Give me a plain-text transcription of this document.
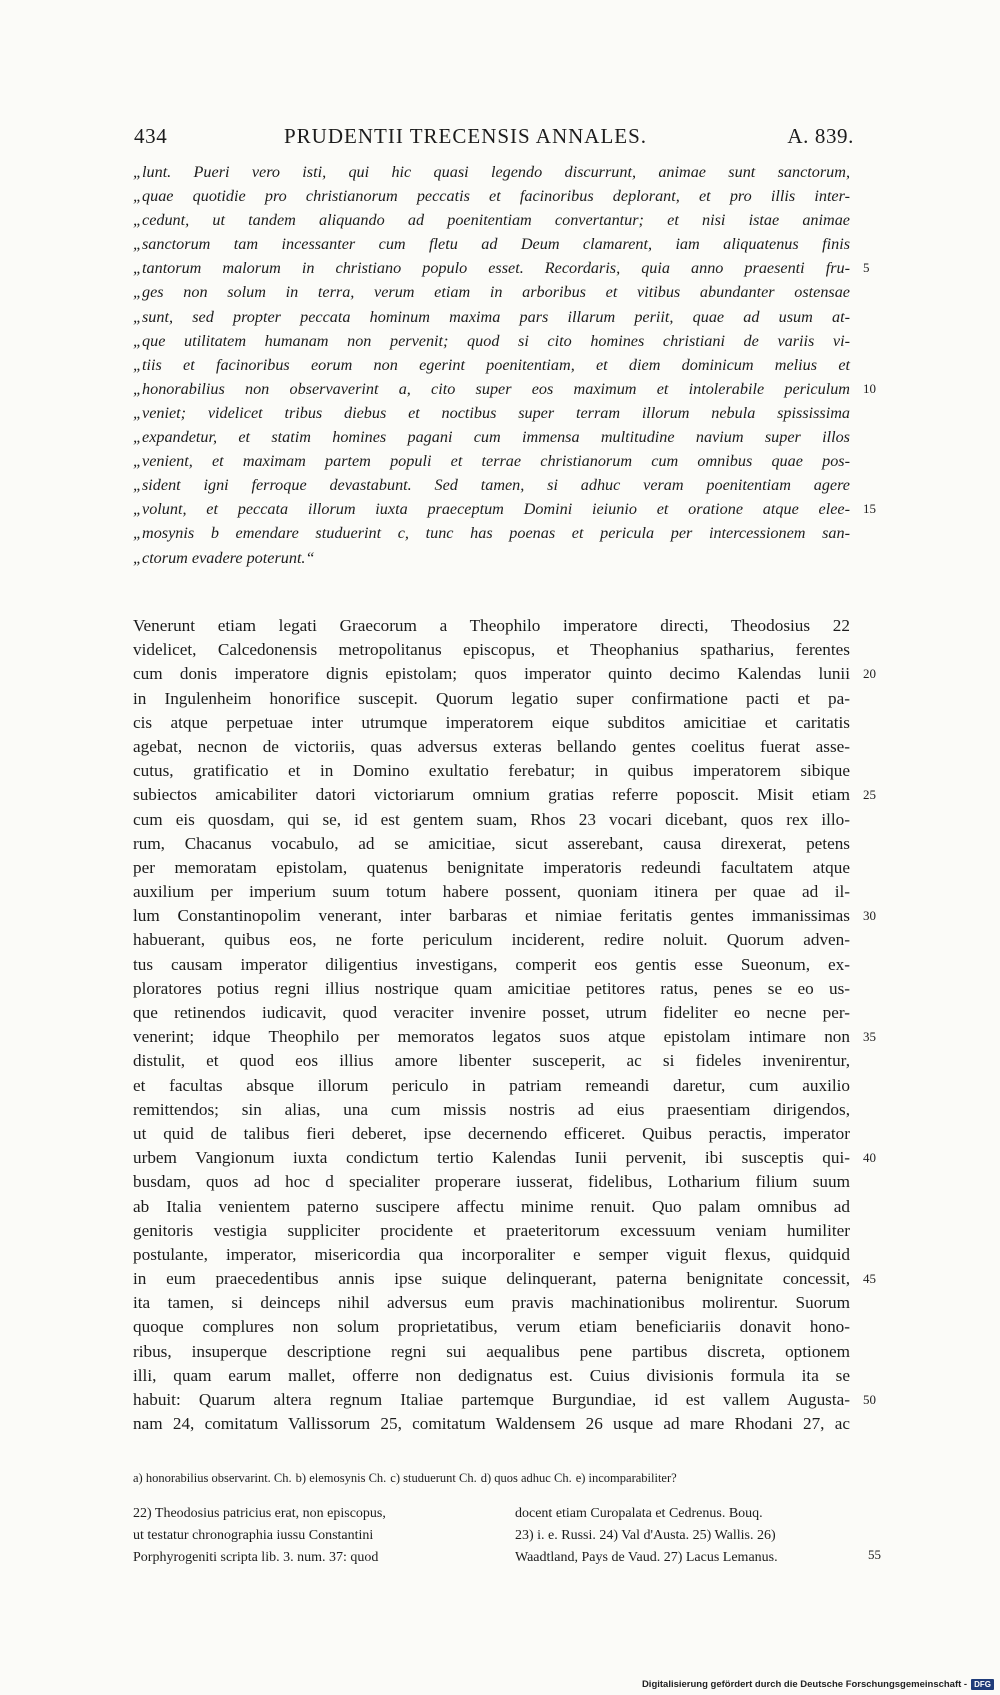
434	PRUDENTII TRECENSIS ANNALES.	A. 839.
„lunt. Pueri vero isti, qui hic quasi legendo discurrunt, animae sunt sanctorum,
„quae quotidie pro christianorum peccatis et facinoribus deplorant, et pro illis inter-
„cedunt, ut tandem aliquando ad poenitentiam convertantur; et nisi istae animae
„sanctorum tam incessanter cum fletu ad Deum clamarent, iam aliquatenus finis
„tantorum malorum in christiano populo esset. Recordaris, quia anno praesenti fru- 5
„ges non solum in terra, verum etiam in arboribus et vitibus abundanter ostensae
„sunt, sed propter peccata hominum maxima pars illarum periit, quae ad usum at-
„que utilitatem humanam non pervenit; quod si cito homines christiani de variis vi-
„tiis et facinoribus eorum non egerint poenitentiam, et diem dominicum melius et
„honorabilius non observaverint a, cito super eos maximum et intolerabile periculum 10
„veniet; videlicet tribus diebus et noctibus super terram illorum nebula spississima
„expandetur, et statim homines pagani cum immensa multitudine navium super illos
„venient, et maximam partem populi et terrae christianorum cum omnibus quae pos-
„sident igni ferroque devastabunt. Sed tamen, si adhuc veram poenitentiam agere
„volunt, et peccata illorum iuxta praeceptum Domini ieiunio et oratione atque elee- 15
„mosynis b emendare studuerint c, tunc has poenas et pericula per intercessionem san-
„ctorum evadere poterunt.“
Venerunt etiam legati Graecorum a Theophilo imperatore directi, Theodosius 22
videlicet, Calcedonensis metropolitanus episcopus, et Theophanius spatharius, ferentes
cum donis imperatore dignis epistolam; quos imperator quinto decimo Kalendas lunii 20
in Ingulenheim honorifice suscepit. Quorum legatio super confirmatione pacti et pa-
cis atque perpetuae inter utrumque imperatorem eique subditos amicitiae et caritatis
agebat, necnon de victoriis, quas adversus exteras bellando gentes coelitus fuerat asse-
cutus, gratificatio et in Domino exultatio ferebatur; in quibus imperatorem sibique
subiectos amicabiliter datori victoriarum omnium gratias referre poposcit. Misit etiam 25
cum eis quosdam, qui se, id est gentem suam, Rhos 23 vocari dicebant, quos rex illo-
rum, Chacanus vocabulo, ad se amicitiae, sicut asserebant, causa direxerat, petens
per memoratam epistolam, quatenus benignitate imperatoris redeundi facultatem atque
auxilium per imperium suum totum habere possent, quoniam itinera per quae ad il-
lum Constantinopolim venerant, inter barbaras et nimiae feritatis gentes immanissimas 30
habuerant, quibus eos, ne forte periculum inciderent, redire noluit. Quorum adven-
tus causam imperator diligentius investigans, comperit eos gentis esse Sueonum, ex-
ploratores potius regni illius nostrique quam amicitiae petitores ratus, penes se eo us-
que retinendos iudicavit, quod veraciter invenire posset, utrum fideliter eo necne per-
venerint; idque Theophilo per memoratos legatos suos atque epistolam intimare non 35
distulit, et quod eos illius amore libenter susceperit, ac si fideles invenirentur,
et facultas absque illorum periculo in patriam remeandi daretur, cum auxilio
remittendos; sin alias, una cum missis nostris ad eius praesentiam dirigendos,
ut quid de talibus fieri deberet, ipse decernendo efficeret. Quibus peractis, imperator
urbem Vangionum iuxta condictum tertio Kalendas Iunii pervenit, ibi susceptis qui- 40
busdam, quos ad hoc d specialiter properare iusserat, fidelibus, Lotharium filium suum
ab Italia venientem paterno suscipere affectu minime renuit. Quo palam omnibus ad
genitoris vestigia suppliciter procidente et praeteritorum excessuum veniam humiliter
postulante, imperator, misericordia qua incorporaliter e semper viguit flexus, quidquid
in eum praecedentibus annis ipse suique delinquerant, paterna benignitate concessit, 45
ita tamen, si deinceps nihil adversus eum pravis machinationibus molirentur. Suorum
quoque complures non solum proprietatibus, verum etiam beneficiariis donavit hono-
ribus, insuperque descriptione regni sui aequalibus pene partibus discreta, optionem
illi, quam earum mallet, offerre non dedignatus est. Cuius divisionis formula ita se
habuit: Quarum altera regnum Italiae partemque Burgundiae, id est vallem Augusta- 50
nam 24, comitatum Vallissorum 25, comitatum Waldensem 26 usque ad mare Rhodani 27, ac
a) honorabilius observarint. Ch. b) elemosynis Ch. c) studuerunt Ch. d) quos adhuc Ch. e) incomparabiliter?
22) Theodosius patricius erat, non episcopus,
ut testatur chronographia iussu Constantini
Porphyrogeniti scripta lib. 3. num. 37: quod
docent etiam Curopalata et Cedrenus. Bouq.
23) i. e. Russi. 24) Val d'Austa. 25) Wallis. 26)
Waadtland, Pays de Vaud. 27) Lacus Lemanus.	55
Digitalisierung gefördert durch die Deutsche Forschungsgemeinschaft - DFG
